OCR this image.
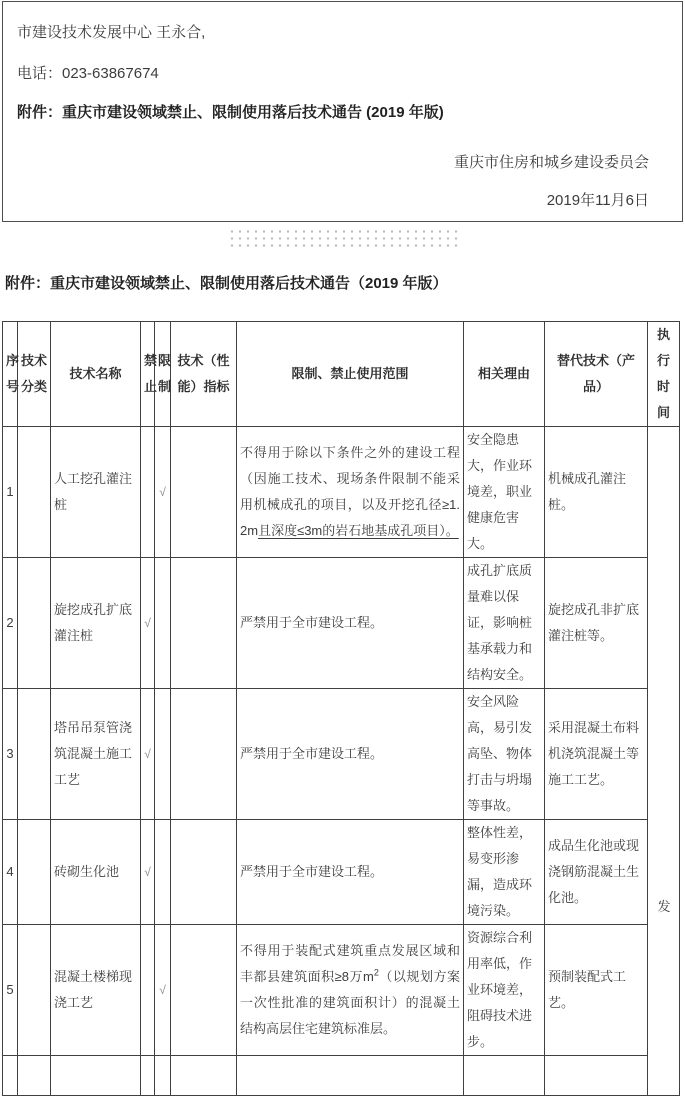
市建设技术发展中心 王永合,

电话：023-63867674

附件：重庆市建设领域禁止、限制使用落后技术通告 (2019 年版)

重庆市住房和城乡建设委员会

2019年11月6日

附件：重庆市建设领域禁止、限制使用落后技术通告（2019 年版）
序号	技术分类	技术名称	禁止	限制	技术（性能）指标	限制、禁止使用范围	相关理由	替代技术（产品）	执行时间
1		人工挖孔灌注桩		√		不得用于除以下条件之外的建设工程（因施工技术、现场条件限制不能采用机械成孔的项目，以及开挖孔径≥1.2m且深度≤3m的岩石地基成孔项目）。	安全隐患大，作业环境差，职业健康危害大。	机械成孔灌注桩。	
2		旋挖成孔扩底灌注桩	√			严禁用于全市建设工程。	成孔扩底质量难以保证，影响桩基承载力和结构安全。	旋挖成孔非扩底灌注桩等。	
3		塔吊吊泵管浇筑混凝土施工工艺	√			严禁用于全市建设工程。	安全风险高，易引发高坠、物体打击与坍塌等事故。	采用混凝土布料机浇筑混凝土等施工工艺。	
4		砖砌生化池	√			严禁用于全市建设工程。	整体性差，易变形渗漏，造成环境污染。	成品生化池或现浇钢筋混凝土生化池。	
5		混凝土楼梯现浇工艺		√		不得用于装配式建筑重点发展区域和丰都县建筑面积≥8万$m^2$（以规划方案一次性批准的建筑面积计）的混凝土结构高层住宅建筑标准层。	资源综合利用率低，作业环境差，阻碍技术进步。	预制装配式工艺。	

发
